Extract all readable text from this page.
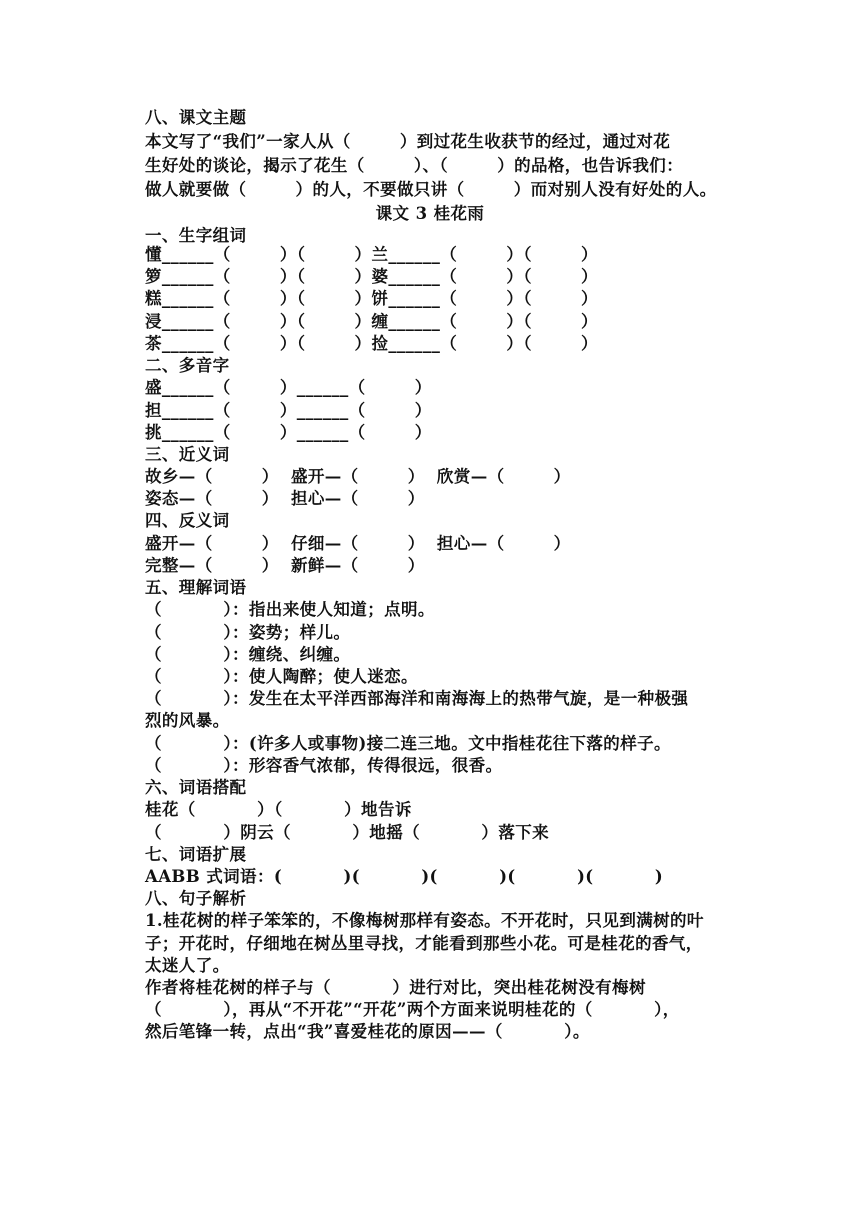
八、课文主题
本文写了“我们”一家人从（        ）到过花生收获节的经过，通过对花
生好处的谈论，揭示了花生（        ）、（        ）的品格，也告诉我们：
做人就要做（        ）的人，不要做只讲（        ）而对别人没有好处的人。
课文 3 桂花雨
一、生字组词
懂______（        ）（        ）兰______（        ）（        ）
箩______（        ）（        ）婆______（        ）（        ）
糕______（        ）（        ）饼______（        ）（        ）
浸______（        ）（        ）缠______（        ）（        ）
茶______（        ）（        ）捡______（        ）（        ）
二、多音字
盛______（        ）______（        ）
担______（        ）______（        ）
挑______（        ）______（        ）
三、近义词
故乡—（        ）  盛开—（        ）  欣赏—（        ）
姿态—（        ）  担心—（        ）
四、反义词
盛开—（        ）  仔细—（        ）  担心—（        ）
完整—（        ）  新鲜—（        ）
五、理解词语
（          ）：指出来使人知道；点明。
（          ）：姿势；样儿。
（          ）：缠绕、纠缠。
（          ）：使人陶醉；使人迷恋。
（          ）：发生在太平洋西部海洋和南海海上的热带气旋，是一种极强
烈的风暴。
（          ）：(许多人或事物)接二连三地。文中指桂花往下落的样子。
（          ）：形容香气浓郁，传得很远，很香。
六、词语搭配
桂花（          ）（          ）地告诉
（          ）阴云（          ）地摇（          ）落下来
七、词语扩展
AABB 式词语：(          )(          )(          )(          )(          )
八、句子解析
1.桂花树的样子笨笨的，不像梅树那样有姿态。不开花时，只见到满树的叶
子；开花时，仔细地在树丛里寻找，才能看到那些小花。可是桂花的香气，
太迷人了。
作者将桂花树的样子与（          ）进行对比，突出桂花树没有梅树
（          ），再从“不开花”“开花”两个方面来说明桂花的（          ），
然后笔锋一转，点出“我”喜爱桂花的原因——（          ）。
